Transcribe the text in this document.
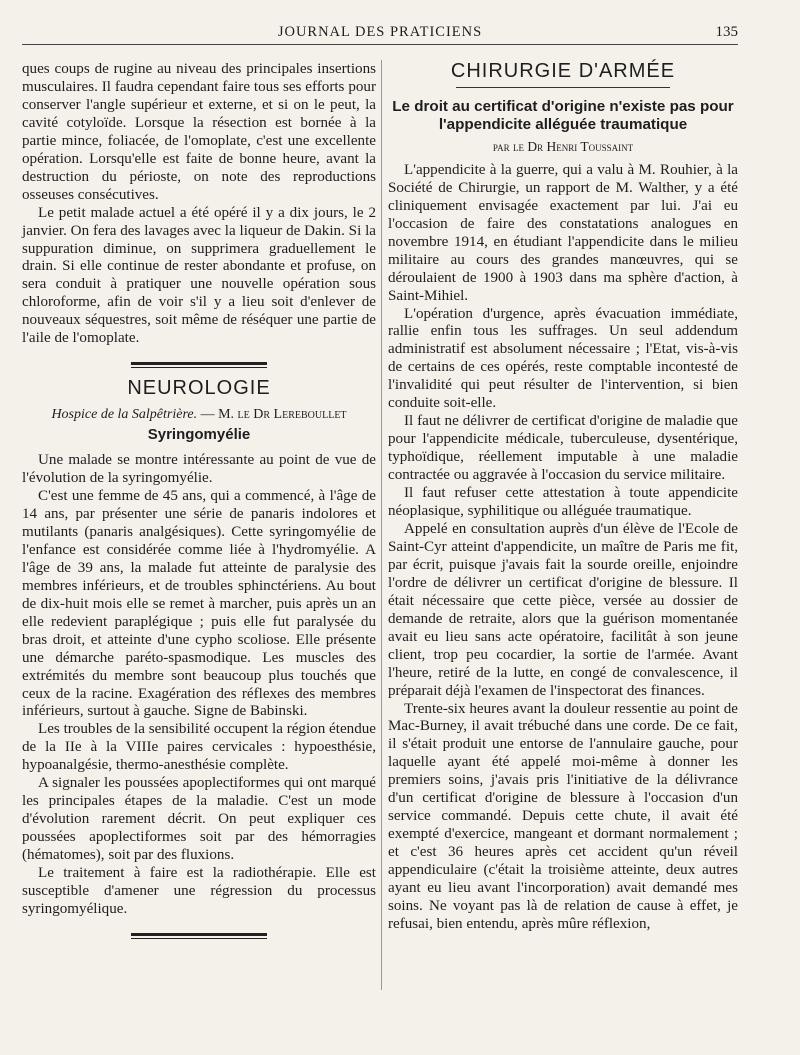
JOURNAL DES PRATICIENS	135

ques coups de rugine au niveau des principales insertions musculaires. Il faudra cependant faire tous ses efforts pour conserver l'angle supérieur et externe, et si on le peut, la cavité cotyloïde. Lorsque la résection est bornée à la partie mince, foliacée, de l'omoplate, c'est une excellente opération. Lorsqu'elle est faite de bonne heure, avant la destruction du périoste, on note des reproductions osseuses consécutives.

Le petit malade actuel a été opéré il y a dix jours, le 2 janvier. On fera des lavages avec la liqueur de Dakin. Si la suppuration diminue, on supprimera graduellement le drain. Si elle continue de rester abondante et profuse, on sera conduit à pratiquer une nouvelle opération sous chloroforme, afin de voir s'il y a lieu soit d'enlever de nouveaux séquestres, soit même de réséquer une partie de l'aile de l'omoplate.

NEUROLOGIE
Hospice de la Salpêtrière. — M. le Dr Lereboullet
Syringomyélie

Une malade se montre intéressante au point de vue de l'évolution de la syringomyélie.

C'est une femme de 45 ans, qui a commencé, à l'âge de 14 ans, par présenter une série de panaris indolores et mutilants (panaris analgésiques). Cette syringomyélie de l'enfance est considérée comme liée à l'hydromyélie. A l'âge de 39 ans, la malade fut atteinte de paralysie des membres inférieurs, et de troubles sphinctériens. Au bout de dix-huit mois elle se remet à marcher, puis après un an elle redevient paraplégique ; puis elle fut paralysée du bras droit, et atteinte d'une cypho scoliose. Elle présente une démarche paréto-spasmodique. Les muscles des extrémités du membre sont beaucoup plus touchés que ceux de la racine. Exagération des réflexes des membres inférieurs, surtout à gauche. Signe de Babinski.

Les troubles de la sensibilité occupent la région étendue de la IIe à la VIIIe paires cervicales : hypoesthésie, hypoanalgésie, thermo-anesthésie complète.

A signaler les poussées apoplectiformes qui ont marqué les principales étapes de la maladie. C'est un mode d'évolution rarement décrit. On peut expliquer ces poussées apoplectiformes soit par des hémorragies (hématomes), soit par des fluxions.

Le traitement à faire est la radiothérapie. Elle est susceptible d'amener une régression du processus syringomyélique.

CHIRURGIE D'ARMÉE
Le droit au certificat d'origine n'existe pas pour l'appendicite alléguée traumatique
par le Dr Henri Toussaint

L'appendicite à la guerre, qui a valu à M. Rouhier, à la Société de Chirurgie, un rapport de M. Walther, y a été cliniquement envisagée exactement par lui. J'ai eu l'occasion de faire des constatations analogues en novembre 1914, en étudiant l'appendicite dans le milieu militaire au cours des grandes manœuvres, qui se déroulaient de 1900 à 1903 dans ma sphère d'action, à Saint-Mihiel.

L'opération d'urgence, après évacuation immédiate, rallie enfin tous les suffrages. Un seul addendum administratif est absolument nécessaire ; l'Etat, vis-à-vis de certains de ces opérés, reste comptable incontesté de l'invalidité qui peut résulter de l'intervention, si bien conduite soit-elle.

Il faut ne délivrer de certificat d'origine de maladie que pour l'appendicite médicale, tuberculeuse, dysentérique, typhoïdique, réellement imputable à une maladie contractée ou aggravée à l'occasion du service militaire.

Il faut refuser cette attestation à toute appendicite néoplasique, syphilitique ou alléguée traumatique.

Appelé en consultation auprès d'un élève de l'Ecole de Saint-Cyr atteint d'appendicite, un maître de Paris me fit, par écrit, puisque j'avais fait la sourde oreille, enjoindre l'ordre de délivrer un certificat d'origine de blessure. Il était nécessaire que cette pièce, versée au dossier de demande de retraite, alors que la guérison momentanée avait eu lieu sans acte opératoire, facilitât à son jeune client, trop peu cocardier, la sortie de l'armée. Avant l'heure, retiré de la lutte, en congé de convalescence, il préparait déjà l'examen de l'inspectorat des finances.

Trente-six heures avant la douleur ressentie au point de Mac-Burney, il avait trébuché dans une corde. De ce fait, il s'était produit une entorse de l'annulaire gauche, pour laquelle ayant été appelé moi-même à donner les premiers soins, j'avais pris l'initiative de la délivrance d'un certificat d'origine de blessure à l'occasion d'un service commandé. Depuis cette chute, il avait été exempté d'exercice, mangeant et dormant normalement ; et c'est 36 heures après cet accident qu'un réveil appendiculaire (c'était la troisième atteinte, deux autres ayant eu lieu avant l'incorporation) avait demandé mes soins. Ne voyant pas là de relation de cause à effet, je refusai, bien entendu, après mûre réflexion,
